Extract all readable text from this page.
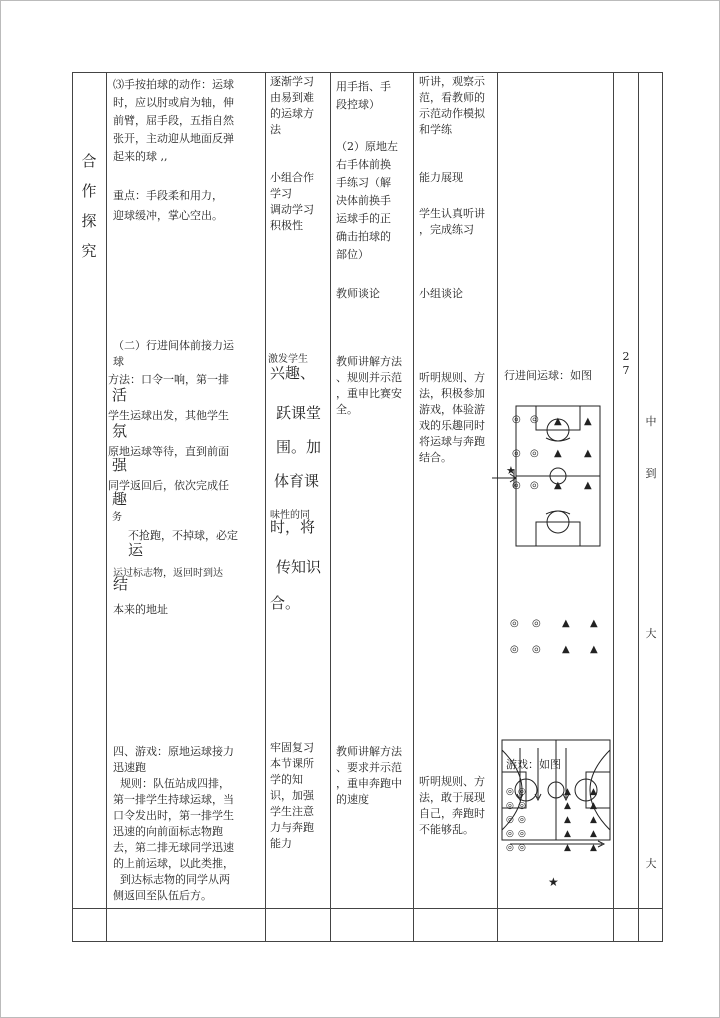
合
作
探
究
⑶手按拍球的动作：运球
时，应以肘或肩为轴，伸
前臂，屈手段，五指自然
张开，主动迎从地面反弹
起来的球 ,,
重点：手段柔和用力，
迎球缓冲，掌心空出。
逐渐学习
由易到难
的运球方
法
小组合作
学习
调动学习
积极性
用手指、手
段控球）
（2）原地左
右手体前换
手练习（解
决体前换手
运球手的正
确击拍球的
部位）
教师谈论
听讲，观察示
范，看教师的
示范动作模拟
和学练
能力展现
学生认真听讲
，完成练习
小组谈论
（二）行进间体前接力运
球
方法：口令一响，第一排
活
学生运球出发，其他学生
氛
原地运球等待，直到前面
强
同学返回后，依次完成任
趣
务
不抢跑，不掉球，必定
运
运过标志物，返回时到达
结
本来的地址
激发学生
兴趣、
跃课堂
围。加
体育课
味性的同
时，将
传知识
合。
教师讲解方法
、规则并示范
，重申比赛安
全。
听明规则、方
法，积极参加
游戏，体验游
戏的乐趣同时
将运球与奔跑
结合。
行进间运球：如图
2
7
中
到
大
◎ ◎
◎ ◎
◎ ◎
▲ ▲
▲ ▲
▲ ▲
★
◎ ◎ ▲ ▲
◎ ◎ ▲ ▲
四、游戏：原地运球接力
迅速跑
规则：队伍站成四排，
第一排学生持球运球，当
口令发出时，第一排学生
迅速的向前面标志物跑
去，第二排无球同学迅速
的上前运球，以此类推，
到达标志物的同学从两
侧返回至队伍后方。
牢固复习
本节课所
学的知
识，加强
学生注意
力与奔跑
能力
教师讲解方法
、要求并示范
，重申奔跑中
的速度
听明规则、方
法，敢于展现
自己，奔跑时
不能够乱。
大
游戏：如图
◎ ◎
◎ ◎
◎ ◎
◎ ◎
◎ ◎
▲ ▲
▲ ▲
▲ ▲
▲ ▲
▲ ▲
★
